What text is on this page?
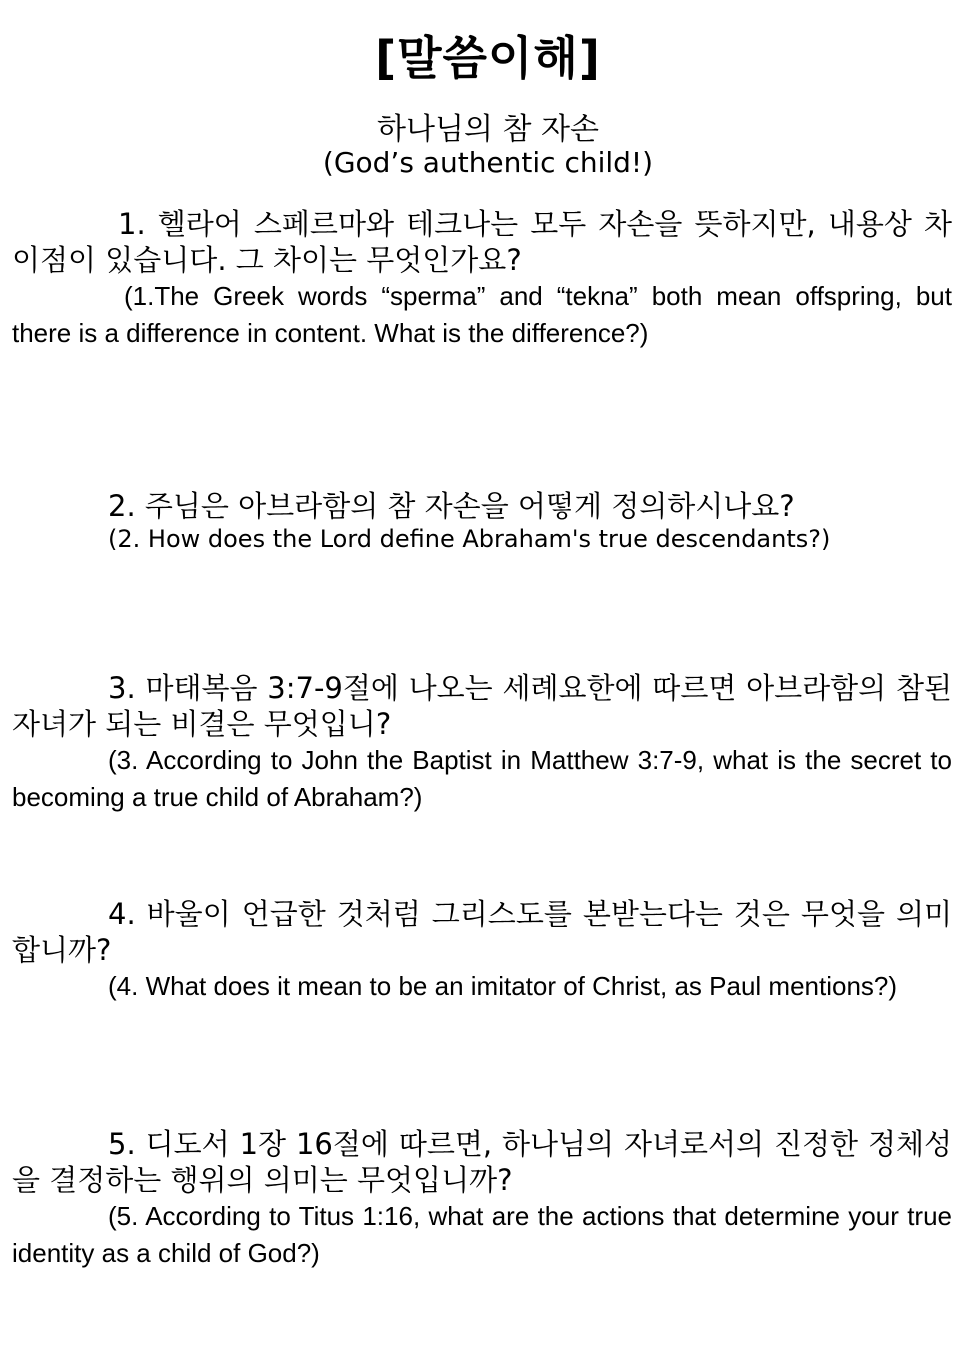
[말씀이해]
하나님의 참 자손
(God’s authentic child!)

1. 헬라어 스페르마와 테크나는 모두 자손을 뜻하지만, 내용상 차이점이 있습니다. 그 차이는 무엇인가요?

(1.The Greek words “sperma” and “tekna” both mean offspring, but there is a difference in content. What is the difference?)

2. 주님은 아브라함의 참 자손을 어떻게 정의하시나요?

(2. How does the Lord define Abraham's true descendants?)

3. 마태복음 3:7-9절에 나오는 세례요한에 따르면 아브라함의 참된 자녀가 되는 비결은 무엇입니?

(3. According to John the Baptist in Matthew 3:7-9, what is the secret to becoming a true child of Abraham?)

4. 바울이 언급한 것처럼 그리스도를 본받는다는 것은 무엇을 의미합니까?

(4. What does it mean to be an imitator of Christ, as Paul mentions?)

5. 디도서 1장 16절에 따르면, 하나님의 자녀로서의 진정한 정체성을 결정하는 행위의 의미는 무엇입니까?

(5. According to Titus 1:16, what are the actions that determine your true identity as a child of God?)
